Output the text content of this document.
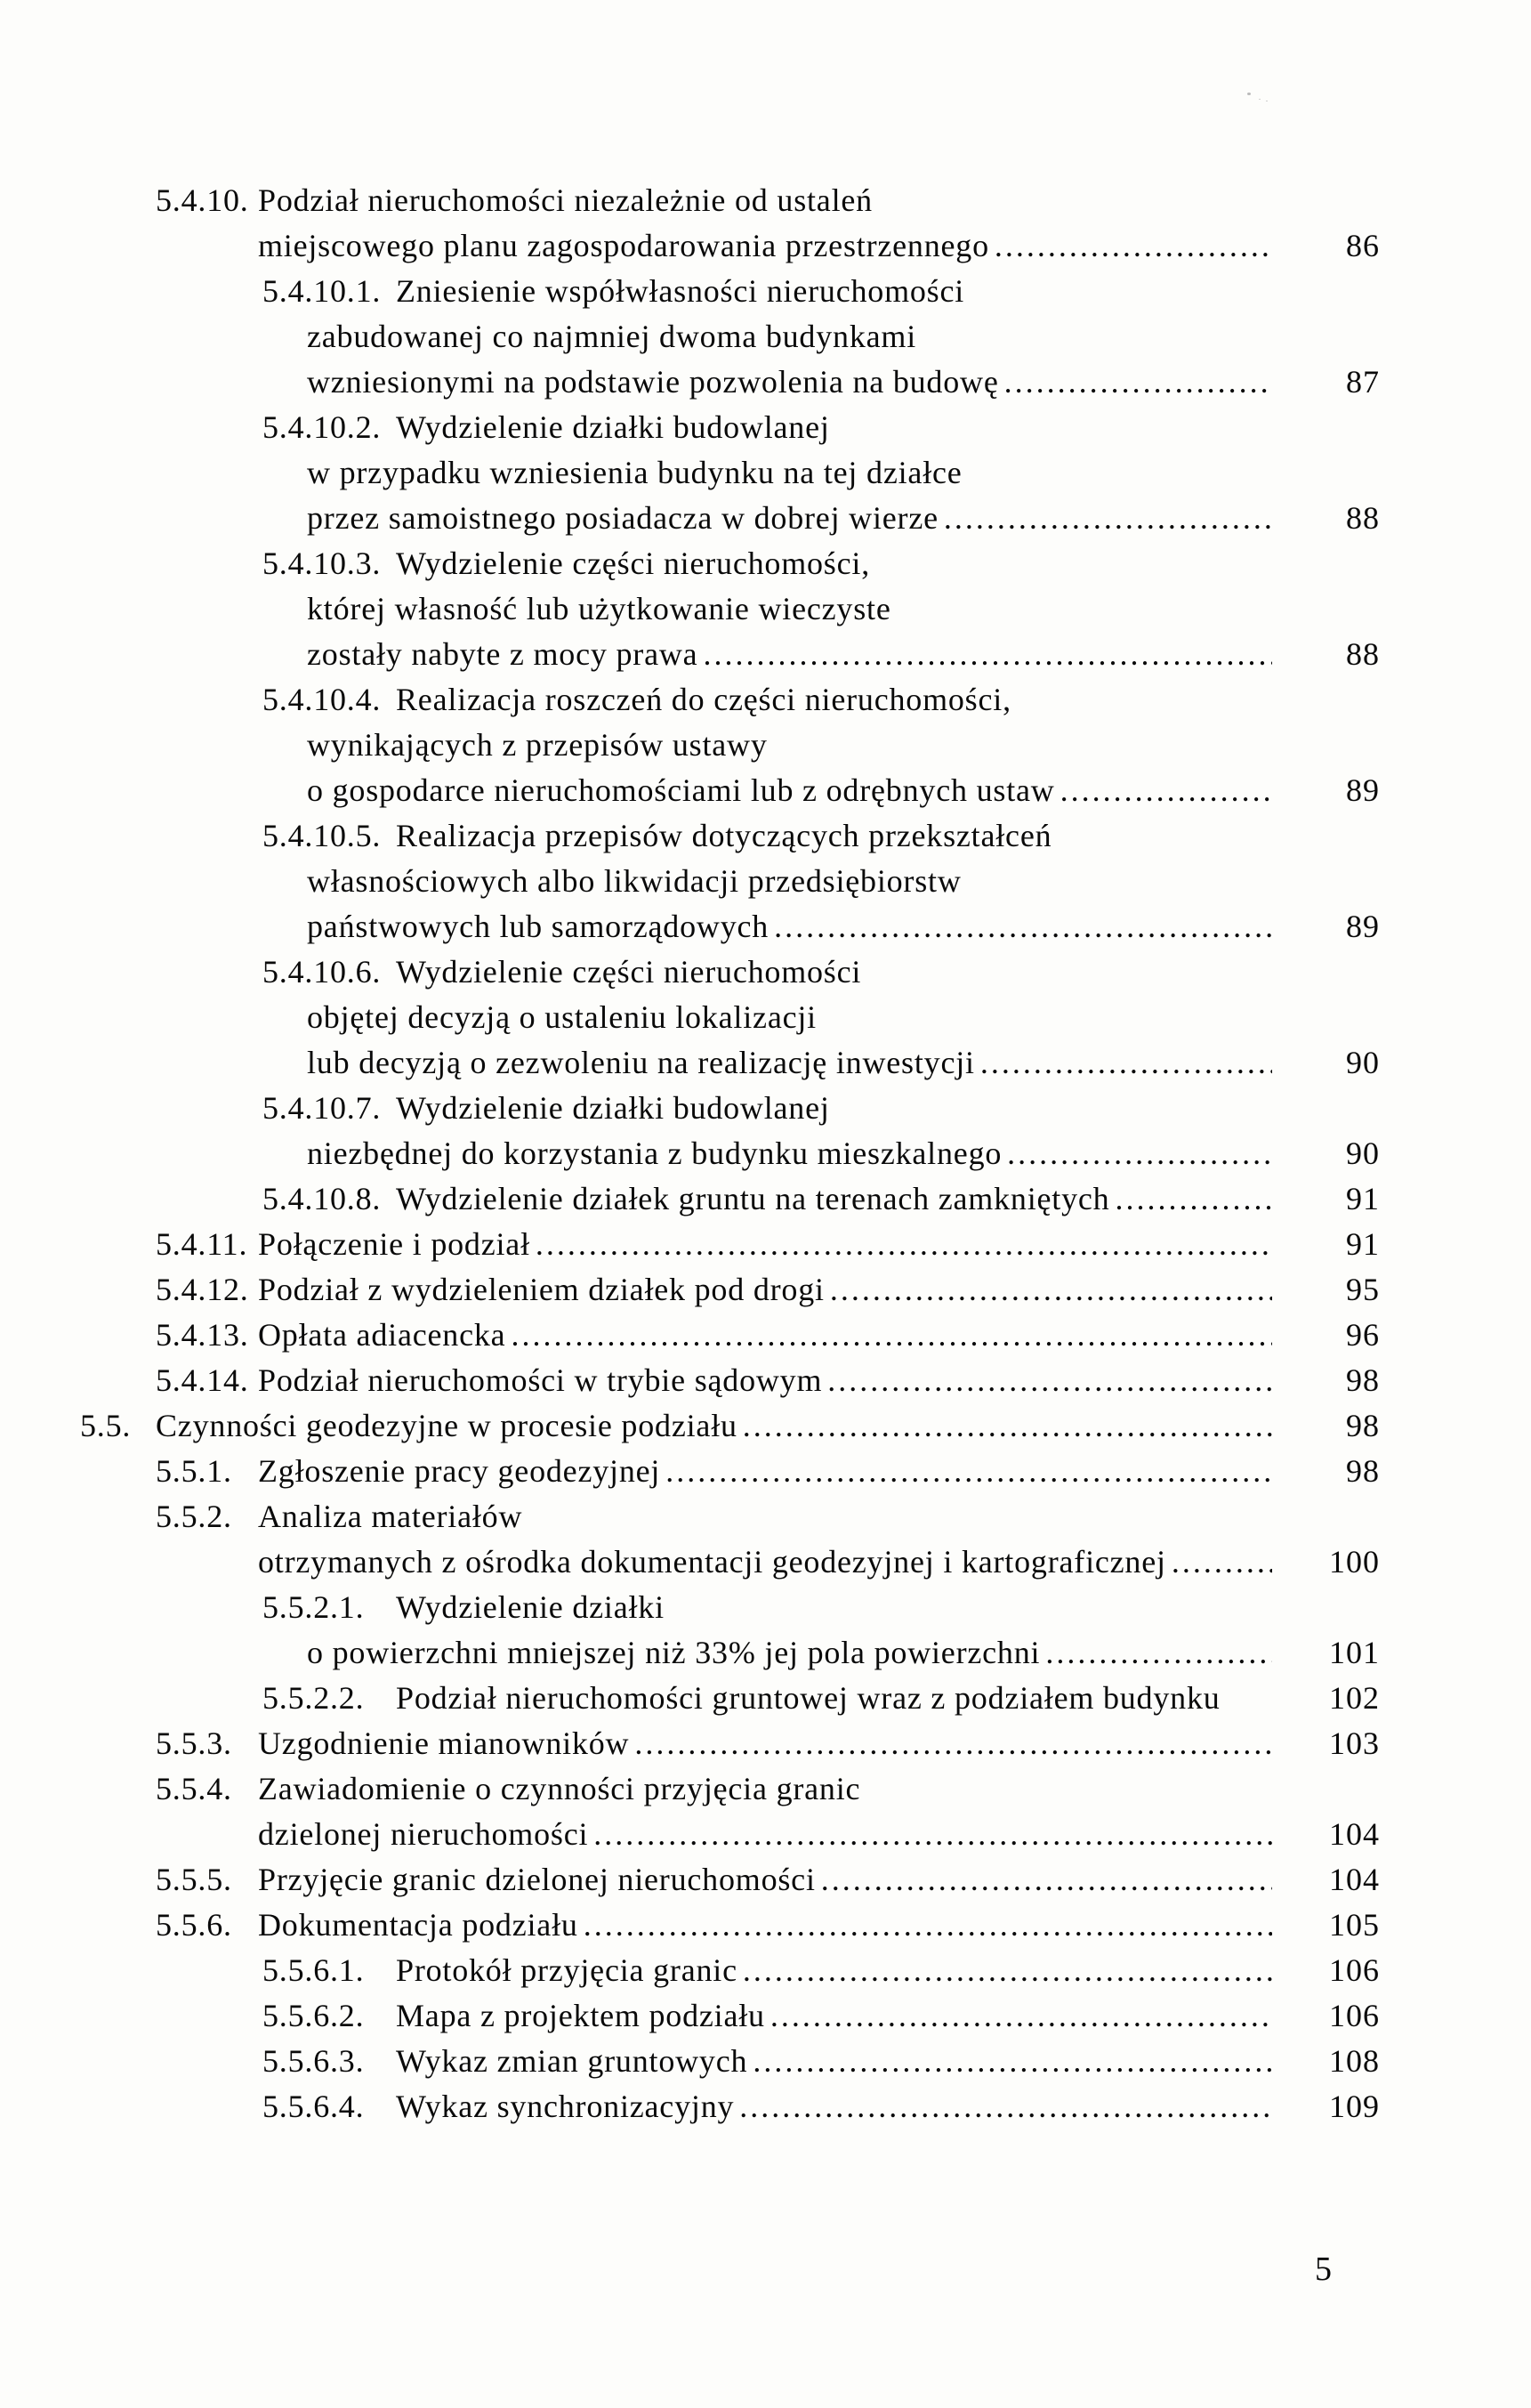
5.4.10. Podział nieruchomości niezależnie od ustaleń
miejscowego planu zagospodarowania przestrzennego .....	86
5.4.10.1. Zniesienie współwłasności nieruchomości
zabudowanej co najmniej dwoma budynkami
wzniesionymi na podstawie pozwolenia na budowę .....	87
5.4.10.2. Wydzielenie działki budowlanej
w przypadku wzniesienia budynku na tej działce
przez samoistnego posiadacza w dobrej wierze .....	88
5.4.10.3. Wydzielenie części nieruchomości,
której własność lub użytkowanie wieczyste
zostały nabyte z mocy prawa .....	88
5.4.10.4. Realizacja roszczeń do części nieruchomości,
wynikających z przepisów ustawy
o gospodarce nieruchomościami lub z odrębnych ustaw .....	89
5.4.10.5. Realizacja przepisów dotyczących przekształceń
własnościowych albo likwidacji przedsiębiorstw
państwowych lub samorządowych .....	89
5.4.10.6. Wydzielenie części nieruchomości
objętej decyzją o ustaleniu lokalizacji
lub decyzją o zezwoleniu na realizację inwestycji .....	90
5.4.10.7. Wydzielenie działki budowlanej
niezbędnej do korzystania z budynku mieszkalnego .....	90
5.4.10.8. Wydzielenie działek gruntu na terenach zamkniętych .....	91
5.4.11. Połączenie i podział .....	91
5.4.12. Podział z wydzieleniem działek pod drogi .....	95
5.4.13. Opłata adiacencka .....	96
5.4.14. Podział nieruchomości w trybie sądowym .....	98
5.5. Czynności geodezyjne w procesie podziału .....	98
5.5.1. Zgłoszenie pracy geodezyjnej .....	98
5.5.2. Analiza materiałów
otrzymanych z ośrodka dokumentacji geodezyjnej i kartograficznej .....	100
5.5.2.1. Wydzielenie działki
o powierzchni mniejszej niż 33% jej pola powierzchni .....	101
5.5.2.2. Podział nieruchomości gruntowej wraz z podziałem budynku	102
5.5.3. Uzgodnienie mianowników .....	103
5.5.4. Zawiadomienie o czynności przyjęcia granic
dzielonej nieruchomości .....	104
5.5.5. Przyjęcie granic dzielonej nieruchomości .....	104
5.5.6. Dokumentacja podziału .....	105
5.5.6.1. Protokół przyjęcia granic .....	106
5.5.6.2. Mapa z projektem podziału .....	106
5.5.6.3. Wykaz zmian gruntowych .....	108
5.5.6.4. Wykaz synchronizacyjny .....	109
5
